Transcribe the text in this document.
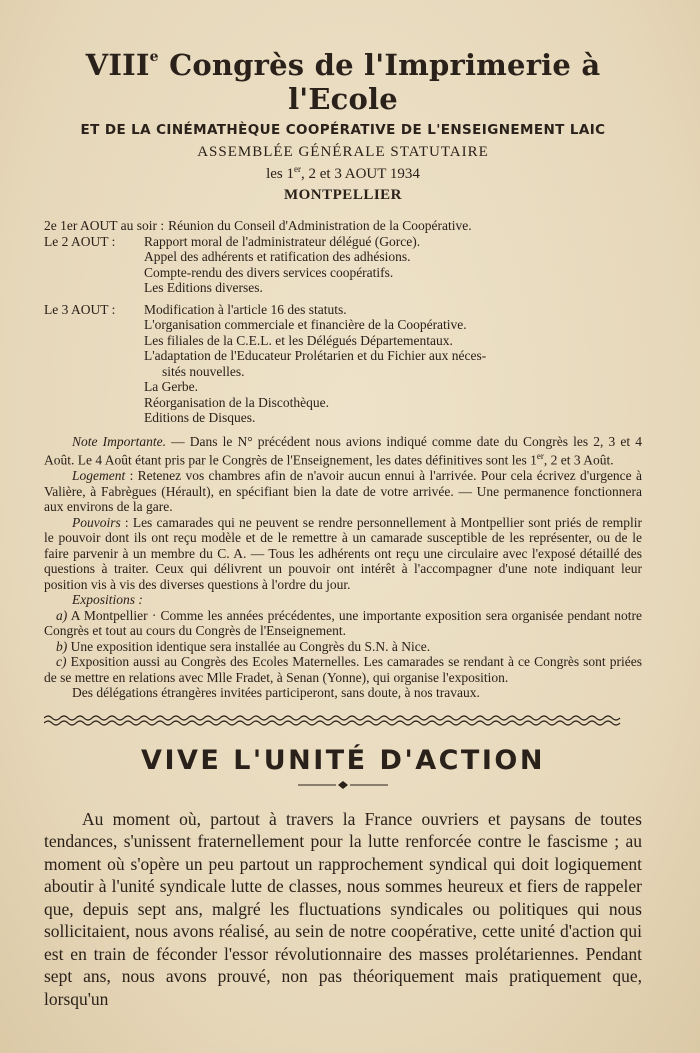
VIIIe Congrès de l'Imprimerie à l'Ecole
ET DE LA CINÉMATHÈQUE COOPÉRATIVE DE L'ENSEIGNEMENT LAIC
ASSEMBLÉE GÉNÉRALE STATUTAIRE
les 1er, 2 et 3 AOUT 1934
MONTPELLIER
2e 1er AOUT au soir : Réunion du Conseil d'Administration de la Coopérative.
Le 2 AOUT :	Rapport moral de l'administrateur délégué (Gorce).
Appel des adhérents et ratification des adhésions.
Compte-rendu des divers services coopératifs.
Les Editions diverses.
Le 3 AOUT :	Modification à l'article 16 des statuts.
L'organisation commerciale et financière de la Coopérative.
Les filiales de la C.E.L. et les Délégués Départementaux.
L'adaptation de l'Educateur Prolétarien et du Fichier aux néces-
sités nouvelles.
La Gerbe.
Réorganisation de la Discothèque.
Editions de Disques.

Note Importante. — Dans le N° précédent nous avions indiqué comme date du Congrès les 2, 3 et 4 Août. Le 4 Août étant pris par le Congrès de l'Enseignement, les dates définitives sont les 1er, 2 et 3 Août.

Logement : Retenez vos chambres afin de n'avoir aucun ennui à l'arrivée. Pour cela écrivez d'urgence à Valière, à Fabrègues (Hérault), en spécifiant bien la date de votre arrivée. — Une permanence fonctionnera aux environs de la gare.

Pouvoirs : Les camarades qui ne peuvent se rendre personnellement à Montpellier sont priés de remplir le pouvoir dont ils ont reçu modèle et de le remettre à un camarade susceptible de les représenter, ou de le faire parvenir à un membre du C. A. — Tous les adhérents ont reçu une circulaire avec l'exposé détaillé des questions à traiter. Ceux qui délivrent un pouvoir ont intérêt à l'accompagner d'une note indiquant leur position vis à vis des diverses questions à l'ordre du jour.

Expositions :

a) A Montpellier · Comme les années précédentes, une importante exposition sera organisée pendant notre Congrès et tout au cours du Congrès de l'Enseignement.

b) Une exposition identique sera installée au Congrès du S.N. à Nice.

c) Exposition aussi au Congrès des Ecoles Maternelles. Les camarades se rendant à ce Congrès sont priées de se mettre en relations avec Mlle Fradet, à Senan (Yonne), qui organise l'exposition.

Des délégations étrangères invitées participeront, sans doute, à nos travaux.

VIVE L'UNITÉ D'ACTION

Au moment où, partout à travers la France ouvriers et paysans de toutes tendances, s'unissent fraternellement pour la lutte renforcée contre le fascisme ; au moment où s'opère un peu partout un rapprochement syndical qui doit logiquement aboutir à l'unité syndicale lutte de classes, nous sommes heureux et fiers de rappeler que, depuis sept ans, malgré les fluctuations syndicales ou politiques qui nous sollicitaient, nous avons réalisé, au sein de notre coopérative, cette unité d'action qui est en train de féconder l'essor révolutionnaire des masses prolétariennes. Pendant sept ans, nous avons prouvé, non pas théoriquement mais pratiquement que, lorsqu'un
